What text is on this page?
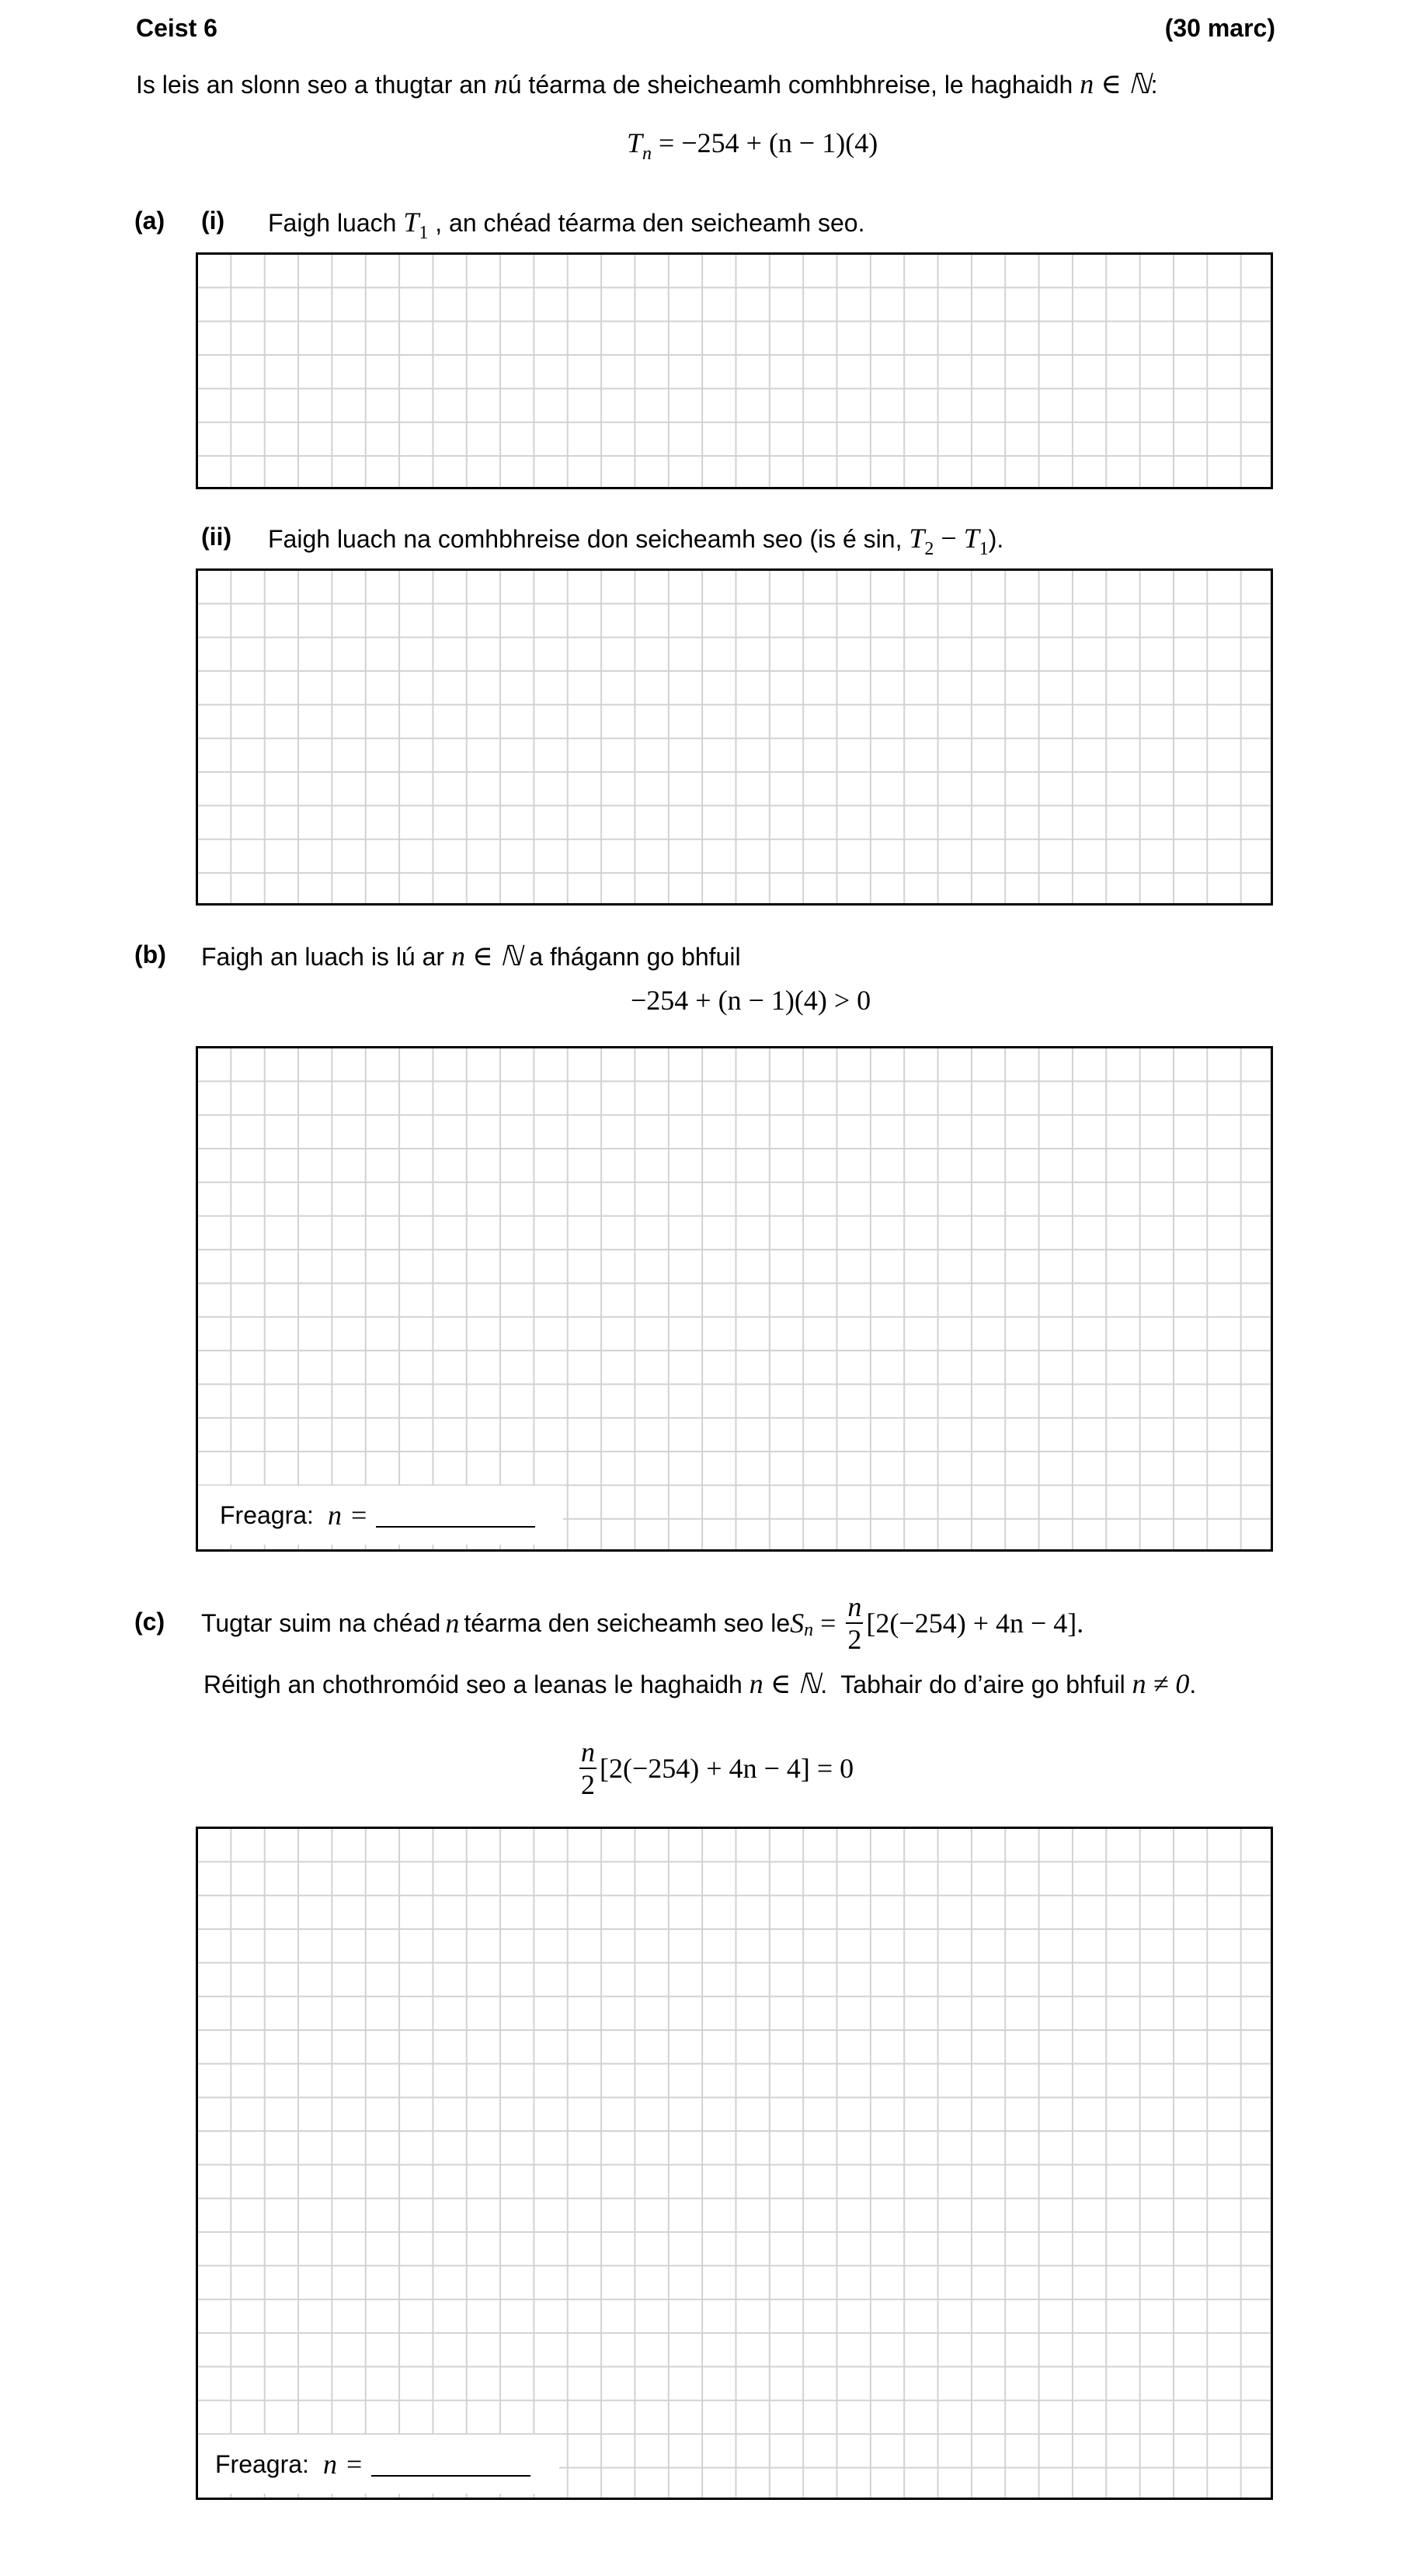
Ceist 6	(30 marc)
Is leis an slonn seo a thugtar an nú téarma de sheicheamh comhbhreise, le haghaidh n ∈ ℕ:
$T_n = -254 + (n - 1)(4)$
(a) (i) Faigh luach $T_1$ , an chéad téarma den seicheamh seo.
(ii) Faigh luach na comhbhreise don seicheamh seo (is é sin, $T_2 - T_1$).
(b) Faigh an luach is lú ar n ∈ ℕ a fhágann go bhfuil
−254 + (n − 1)(4) > 0
Freagra: n =
(c) Tugtar suim na chéad n téarma den seicheamh seo le S $n = \frac{n}{2} [2(-254) + 4n - 4]$.
Réitigh an chothromóid seo a leanas le haghaidh n ∈ ℕ.  Tabhair do d’aire go bhfuil n ≠ 0.
$\frac{n}{2} [2(-254) + 4n - 4] = 0$
Freagra: n =
